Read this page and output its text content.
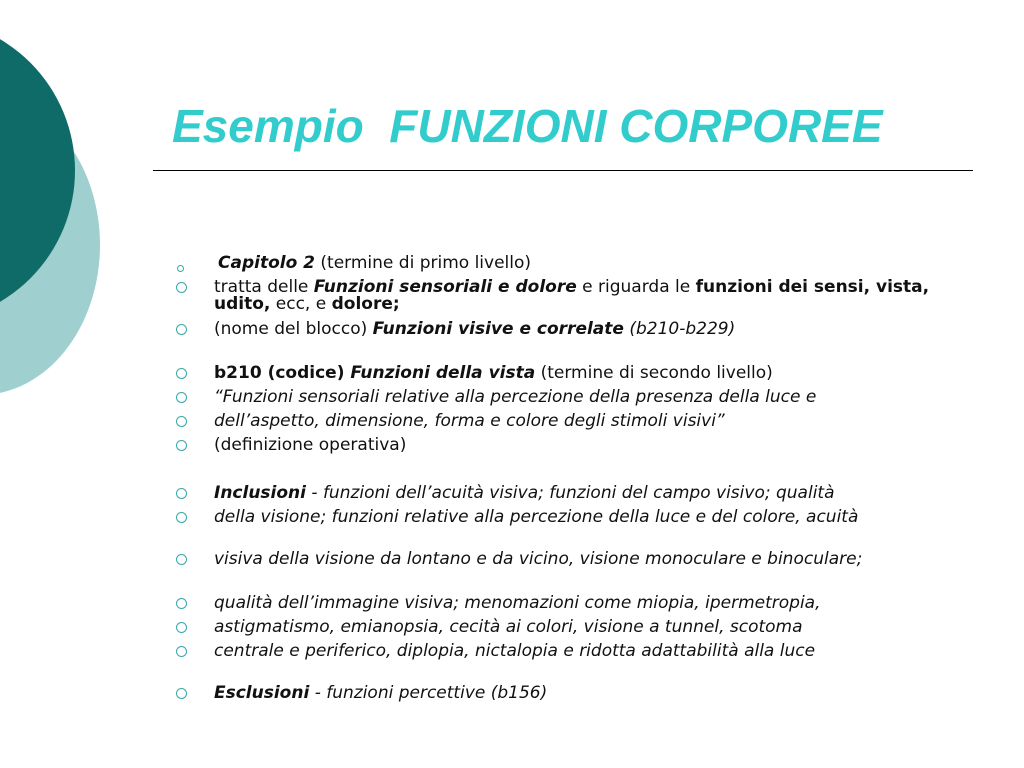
Esempio  FUNZIONI CORPOREE
Capitolo 2 (termine di primo livello)
tratta delle Funzioni sensoriali e dolore e riguarda le funzioni dei sensi, vista, udito, ecc, e dolore;
(nome del blocco) Funzioni visive e correlate (b210-b229)
b210 (codice) Funzioni della vista (termine di secondo livello)
“Funzioni sensoriali relative alla percezione della presenza della luce e
dell’aspetto, dimensione, forma e colore degli stimoli visivi”
(definizione operativa)
Inclusioni - funzioni dell’acuità visiva; funzioni del campo visivo; qualità
della visione; funzioni relative alla percezione della luce e del colore, acuità
visiva della visione da lontano e da vicino, visione monoculare e binoculare;
qualità dell’immagine visiva; menomazioni come miopia, ipermetropia,
astigmatismo, emianopsia, cecità ai colori, visione a tunnel, scotoma
centrale e periferico, diplopia, nictalopia e ridotta adattabilità alla luce
Esclusioni - funzioni percettive (b156)
